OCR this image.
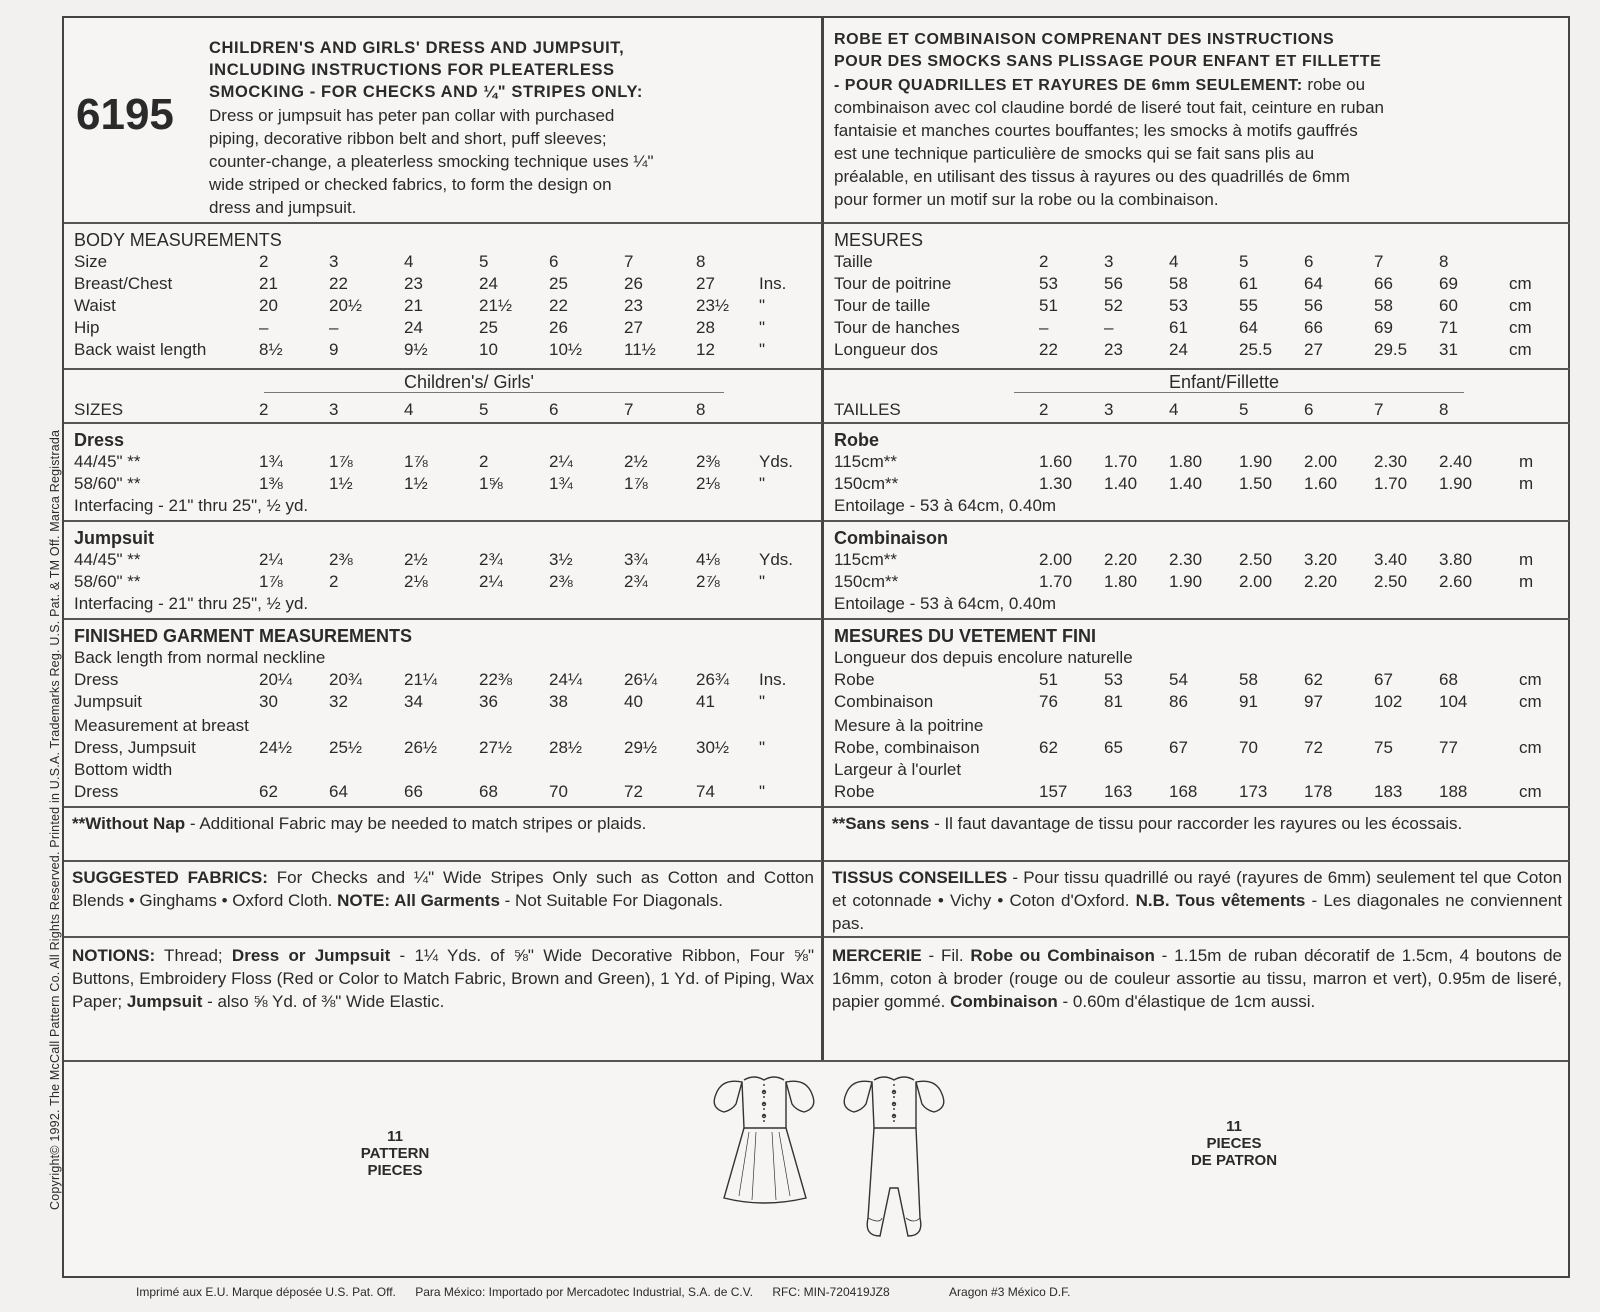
Copyright© 1992. The McCall Pattern Co. All Rights Reserved. Printed in U.S.A. Trademarks Reg. U.S. Pat. & TM Off. Marca Registrada
6195
CHILDREN'S AND GIRLS' DRESS AND JUMPSUIT,
INCLUDING INSTRUCTIONS FOR PLEATERLESS
SMOCKING - FOR CHECKS AND ¼" STRIPES ONLY:
Dress or jumpsuit has peter pan collar with purchased
piping, decorative ribbon belt and short, puff sleeves;
counter-change, a pleaterless smocking technique uses ¼"
wide striped or checked fabrics, to form the design on
dress and jumpsuit.
BODY MEASUREMENTS
Size	2	3	4	5	6	7	8
Breast/Chest	21	22	23	24	25	26	27	Ins.
Waist	20	20½ 21	21½ 22	23	23½ "
Hip	–	–	24	25	26	27	28	"
Back waist length	8½	9	9½	10	10½ 11½ 12	"
Children's/ Girls'
SIZES	2	3	4	5	6	7	8
Dress
44/45" **	1¾	1⅞	1⅞	2	2¼	2½	2⅜ Yds.
58/60" **	1⅜	1½	1½	1⅝	1¾	1⅞	2⅛ "
Interfacing - 21" thru 25", ½ yd.
Jumpsuit
44/45" **	2¼	2⅜	2½	2¾	3½	3¾	4⅛ Yds.
58/60" **	1⅞	2	2⅛	2¼	2⅜	2¾	2⅞ "
Interfacing - 21" thru 25", ½ yd.
FINISHED GARMENT MEASUREMENTS
Back length from normal neckline
Dress	20¼ 20¾ 21¼ 22⅜ 24¼ 26¼ 26¾ Ins.
Jumpsuit	30	32	34	36	38	40	41	"
Measurement at breast
Dress, Jumpsuit	24½ 25½ 26½ 27½ 28½ 29½ 30½ "
Bottom width
Dress	62	64	66	68	70	72	74	"
**Without Nap - Additional Fabric may be needed to match stripes or plaids.
SUGGESTED FABRICS: For Checks and ¼" Wide Stripes Only such as Cotton and Cotton Blends • Ginghams • Oxford Cloth. NOTE: All Garments - Not Suitable For Diagonals.
NOTIONS: Thread; Dress or Jumpsuit - 1¼ Yds. of ⅝" Wide Decorative Ribbon, Four ⅝" Buttons, Embroidery Floss (Red or Color to Match Fabric, Brown and Green), 1 Yd. of Piping, Wax Paper; Jumpsuit - also ⅝ Yd. of ⅜" Wide Elastic.
ROBE ET COMBINAISON COMPRENANT DES INSTRUCTIONS
POUR DES SMOCKS SANS PLISSAGE POUR ENFANT ET FILLETTE
- POUR QUADRILLES ET RAYURES DE 6mm SEULEMENT: robe ou
combinaison avec col claudine bordé de liseré tout fait, ceinture en ruban
fantaisie et manches courtes bouffantes; les smocks à motifs gauffrés
est une technique particulière de smocks qui se fait sans plis au
préalable, en utilisant des tissus à rayures ou des quadrillés de 6mm
pour former un motif sur la robe ou la combinaison.
MESURES
Taille	2	3	4	5	6	7	8
Tour de poitrine	53	56	58	61	64	66	69	cm
Tour de taille	51	52	53	55	56	58	60	cm
Tour de hanches	–	–	61	64	66	69	71	cm
Longueur dos	22	23	24	25.5 27	29.5 31	cm
Enfant/Fillette
TAILLES	2	3	4	5	6	7	8
Robe
115cm**	1.60 1.70 1.80 1.90 2.00 2.30 2.40	m
150cm**	1.30 1.40 1.40 1.50 1.60 1.70 1.90	m
Entoilage - 53 à 64cm, 0.40m
Combinaison
115cm**	2.00 2.20 2.30 2.50 3.20 3.40 3.80	m
150cm**	1.70 1.80 1.90 2.00 2.20 2.50 2.60	m
Entoilage - 53 à 64cm, 0.40m
MESURES DU VETEMENT FINI
Longueur dos depuis encolure naturelle
Robe	51	53	54	58	62	67	68	cm
Combinaison	76	81	86	91	97	102 104	cm
Mesure à la poitrine
Robe, combinaison	62	65	67	70	72	75	77	cm
Largeur à l'ourlet
Robe	157 163 168 173 178 183 188	cm
**Sans sens - Il faut davantage de tissu pour raccorder les rayures ou les écossais.
TISSUS CONSEILLES - Pour tissu quadrillé ou rayé (rayures de 6mm) seulement tel que Coton et cotonnade • Vichy • Coton d'Oxford. N.B. Tous vêtements - Les diagonales ne conviennent pas.
MERCERIE - Fil. Robe ou Combinaison - 1.15m de ruban décoratif de 1.5cm, 4 boutons de 16mm, coton à broder (rouge ou de couleur assortie au tissu, marron et vert), 0.95m de liseré, papier gommé. Combinaison - 0.60m d'élastique de 1cm aussi.
11
PATTERN
PIECES
11
PIECES
DE PATRON
Imprimé aux E.U. Marque déposée U.S. Pat. Off. Para México: Importado por Mercadotec Industrial, S.A. de C.V. RFC: MIN-720419JZ8	Aragon #3 México D.F.
